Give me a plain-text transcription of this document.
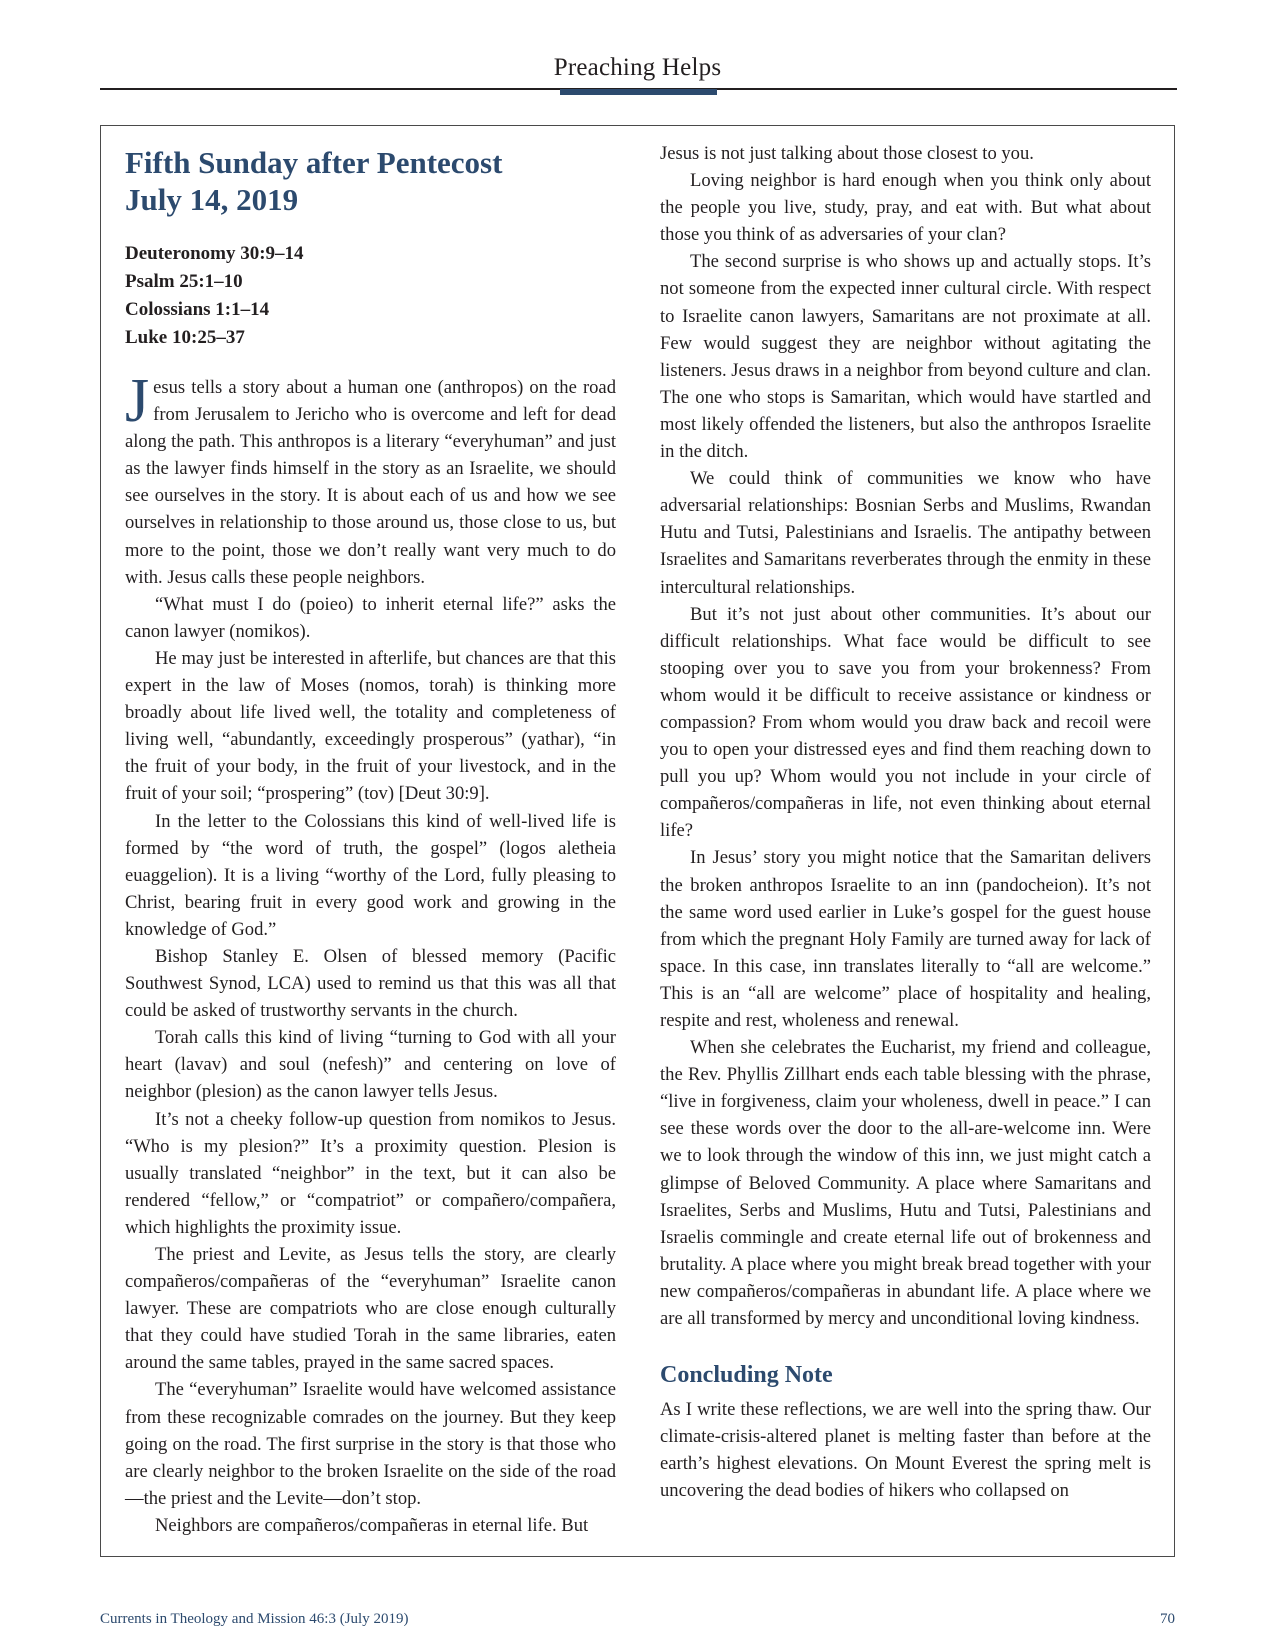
Preaching Helps
Fifth Sunday after Pentecost
July 14, 2019
Deuteronomy 30:9–14
Psalm 25:1–10
Colossians 1:1–14
Luke 10:25–37

Jesus tells a story about a human one (anthropos) on the road from Jerusalem to Jericho who is overcome and left for dead along the path. This anthropos is a literary “everyhuman” and just as the lawyer finds himself in the story as an Israelite, we should see ourselves in the story. It is about each of us and how we see ourselves in relationship to those around us, those close to us, but more to the point, those we don’t really want very much to do with. Jesus calls these people neighbors.

“What must I do (poieo) to inherit eternal life?” asks the canon lawyer (nomikos).

He may just be interested in afterlife, but chances are that this expert in the law of Moses (nomos, torah) is thinking more broadly about life lived well, the totality and completeness of living well, “abundantly, exceedingly prosperous” (yathar), “in the fruit of your body, in the fruit of your livestock, and in the fruit of your soil; “prospering” (tov) [Deut 30:9].

In the letter to the Colossians this kind of well-lived life is formed by “the word of truth, the gospel” (logos aletheia euaggelion). It is a living “worthy of the Lord, fully pleasing to Christ, bearing fruit in every good work and growing in the knowledge of God.”

Bishop Stanley E. Olsen of blessed memory (Pacific Southwest Synod, LCA) used to remind us that this was all that could be asked of trustworthy servants in the church.

Torah calls this kind of living “turning to God with all your heart (lavav) and soul (nefesh)” and centering on love of neighbor (plesion) as the canon lawyer tells Jesus.

It’s not a cheeky follow-up question from nomikos to Jesus. “Who is my plesion?” It’s a proximity question. Plesion is usually translated “neighbor” in the text, but it can also be rendered “fellow,” or “compatriot” or compañero/compañera, which highlights the proximity issue.

The priest and Levite, as Jesus tells the story, are clearly compañeros/compañeras of the “everyhuman” Israelite canon lawyer. These are compatriots who are close enough culturally that they could have studied Torah in the same libraries, eaten around the same tables, prayed in the same sacred spaces.

The “everyhuman” Israelite would have welcomed assistance from these recognizable comrades on the journey. But they keep going on the road. The first surprise in the story is that those who are clearly neighbor to the broken Israelite on the side of the road—the priest and the Levite—don’t stop.

Neighbors are compañeros/compañeras in eternal life. But

Jesus is not just talking about those closest to you.

Loving neighbor is hard enough when you think only about the people you live, study, pray, and eat with. But what about those you think of as adversaries of your clan?

The second surprise is who shows up and actually stops. It’s not someone from the expected inner cultural circle. With respect to Israelite canon lawyers, Samaritans are not proximate at all. Few would suggest they are neighbor without agitating the listeners. Jesus draws in a neighbor from beyond culture and clan. The one who stops is Samaritan, which would have startled and most likely offended the listeners, but also the anthropos Israelite in the ditch.

We could think of communities we know who have adversarial relationships: Bosnian Serbs and Muslims, Rwandan Hutu and Tutsi, Palestinians and Israelis. The antipathy between Israelites and Samaritans reverberates through the enmity in these intercultural relationships.

But it’s not just about other communities. It’s about our difficult relationships. What face would be difficult to see stooping over you to save you from your brokenness? From whom would it be difficult to receive assistance or kindness or compassion? From whom would you draw back and recoil were you to open your distressed eyes and find them reaching down to pull you up? Whom would you not include in your circle of compañeros/compañeras in life, not even thinking about eternal life?

In Jesus’ story you might notice that the Samaritan delivers the broken anthropos Israelite to an inn (pandocheion). It’s not the same word used earlier in Luke’s gospel for the guest house from which the pregnant Holy Family are turned away for lack of space. In this case, inn translates literally to “all are welcome.” This is an “all are welcome” place of hospitality and healing, respite and rest, wholeness and renewal.

When she celebrates the Eucharist, my friend and colleague, the Rev. Phyllis Zillhart ends each table blessing with the phrase, “live in forgiveness, claim your wholeness, dwell in peace.” I can see these words over the door to the all-are-welcome inn. Were we to look through the window of this inn, we just might catch a glimpse of Beloved Community. A place where Samaritans and Israelites, Serbs and Muslims, Hutu and Tutsi, Palestinians and Israelis commingle and create eternal life out of brokenness and brutality. A place where you might break bread together with your new compañeros/compañeras in abundant life. A place where we are all transformed by mercy and unconditional loving kindness.

Concluding Note

As I write these reflections, we are well into the spring thaw. Our climate-crisis-altered planet is melting faster than before at the earth’s highest elevations. On Mount Everest the spring melt is uncovering the dead bodies of hikers who collapsed on

Currents in Theology and Mission 46:3 (July 2019)	70
